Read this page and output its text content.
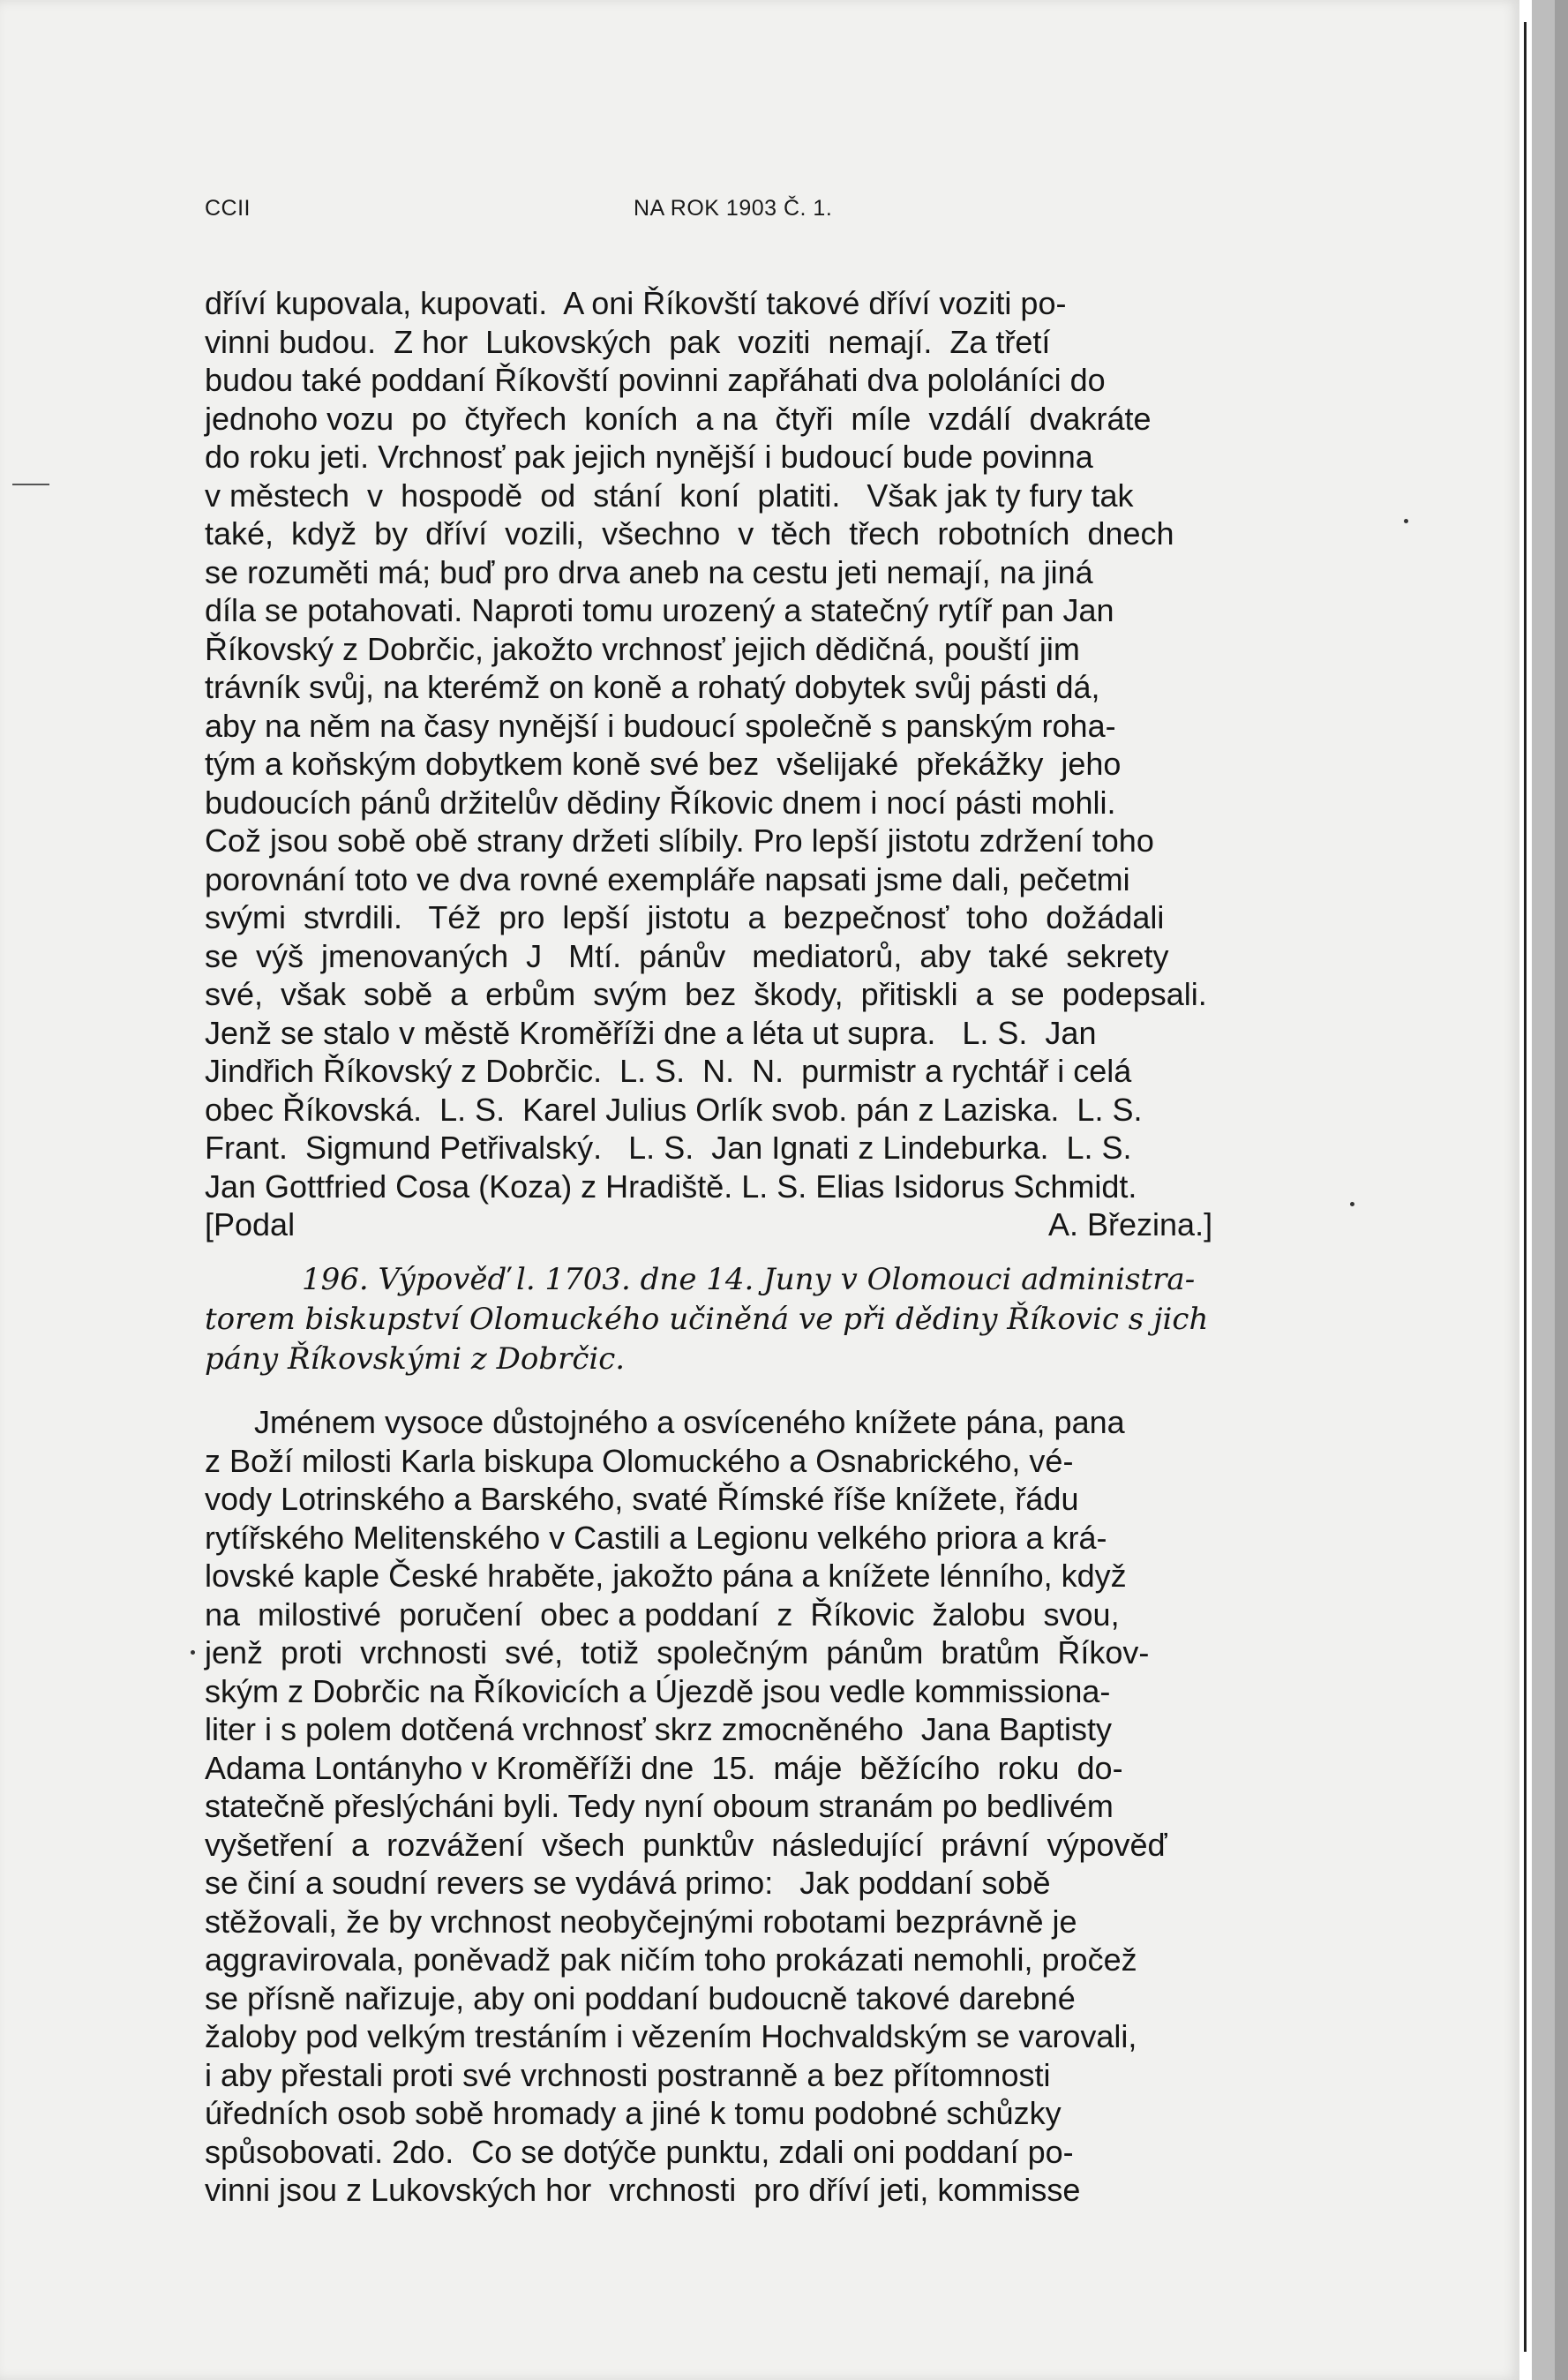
CCII	NA ROK 1903 Č. 1.
dříví kupovala, kupovati.  A oni Říkovští takové dříví voziti po-
vinni budou.  Z hor  Lukovských  pak  voziti  nemají.  Za třetí
budou také poddaní Říkovští povinni zapřáhati dva pololáníci do
jednoho vozu  po  čtyřech  koních  a na  čtyři  míle  vzdálí  dvakráte
do roku jeti. Vrchnosť pak jejich nynější i budoucí bude povinna
v městech  v  hospodě  od  stání  koní  platiti.   Však jak ty fury tak
také,  když  by  dříví  vozili,  všechno  v  těch  třech  robotních  dnech
se rozuměti má; buď pro drva aneb na cestu jeti nemají, na jiná
díla se potahovati. Naproti tomu urozený a statečný rytíř pan Jan
Říkovský z Dobrčic, jakožto vrchnosť jejich dědičná, pouští jim
trávník svůj, na kterémž on koně a rohatý dobytek svůj pásti dá,
aby na něm na časy nynější i budoucí společně s panským roha-
tým a koňským dobytkem koně své bez  všelijaké  překážky  jeho
budoucích pánů držitelův dědiny Říkovic dnem i nocí pásti mohli.
Což jsou sobě obě strany držeti slíbily. Pro lepší jistotu zdržení toho
porovnání toto ve dva rovné exempláře napsati jsme dali, pečetmi
svými  stvrdili.   Též  pro  lepší  jistotu  a  bezpečnosť  toho  dožádali
se  výš  jmenovaných  J   Mtí.  pánův   mediatorů,  aby  také  sekrety
své,  však  sobě  a  erbům  svým  bez  škody,  přitiskli  a  se  podepsali.
Jenž se stalo v městě Kroměříži dne a léta ut supra.   L. S.  Jan
Jindřich Říkovský z Dobrčic.  L. S.  N.  N.  purmistr a rychtář i celá
obec Říkovská.  L. S.  Karel Julius Orlík svob. pán z Laziska.  L. S.
Frant.  Sigmund Petřivalský.   L. S.  Jan Ignati z Lindeburka.  L. S.
Jan Gottfried Cosa (Koza) z Hradiště. L. S. Elias Isidorus Schmidt.
[Podal	A. Březina.]
196. Výpověď l. 1703. dne 14. Juny v Olomouci administra-
torem biskupství Olomuckého učiněná ve při dědiny Říkovic s jich
pány Říkovskými z Dobrčic.
Jménem vysoce důstojného a osvíceného knížete pána, pana
z Boží milosti Karla biskupa Olomuckého a Osnabrického, vé-
vody Lotrinského a Barského, svaté Římské říše knížete, řádu
rytířského Melitenského v Castili a Legionu velkého priora a krá-
lovské kaple České hraběte, jakožto pána a knížete lénního, když
na  milostivé  poručení  obec a poddaní  z  Říkovic  žalobu  svou,
jenž  proti  vrchnosti  své,  totiž  společným  pánům  bratům  Říkov-
ským z Dobrčic na Říkovicích a Újezdě jsou vedle kommissiona-
liter i s polem dotčená vrchnosť skrz zmocněného  Jana Baptisty
Adama Lontányho v Kroměříži dne  15.  máje  běžícího  roku  do-
statečně přeslýcháni byli. Tedy nyní oboum stranám po bedlivém
vyšetření  a  rozvážení  všech  punktův  následující  právní  výpověď
se činí a soudní revers se vydává primo:   Jak poddaní sobě
stěžovali, že by vrchnost neobyčejnými robotami bezprávně je
aggravirovala, poněvadž pak ničím toho prokázati nemohli, pročež
se přísně nařizuje, aby oni poddaní budoucně takové darebné
žaloby pod velkým trestáním i vězením Hochvaldským se varovali,
i aby přestali proti své vrchnosti postranně a bez přítomnosti
úředních osob sobě hromady a jiné k tomu podobné schůzky
spůsobovati. 2do.  Co se dotýče punktu, zdali oni poddaní po-
vinni jsou z Lukovských hor  vrchnosti  pro dříví jeti, kommisse
